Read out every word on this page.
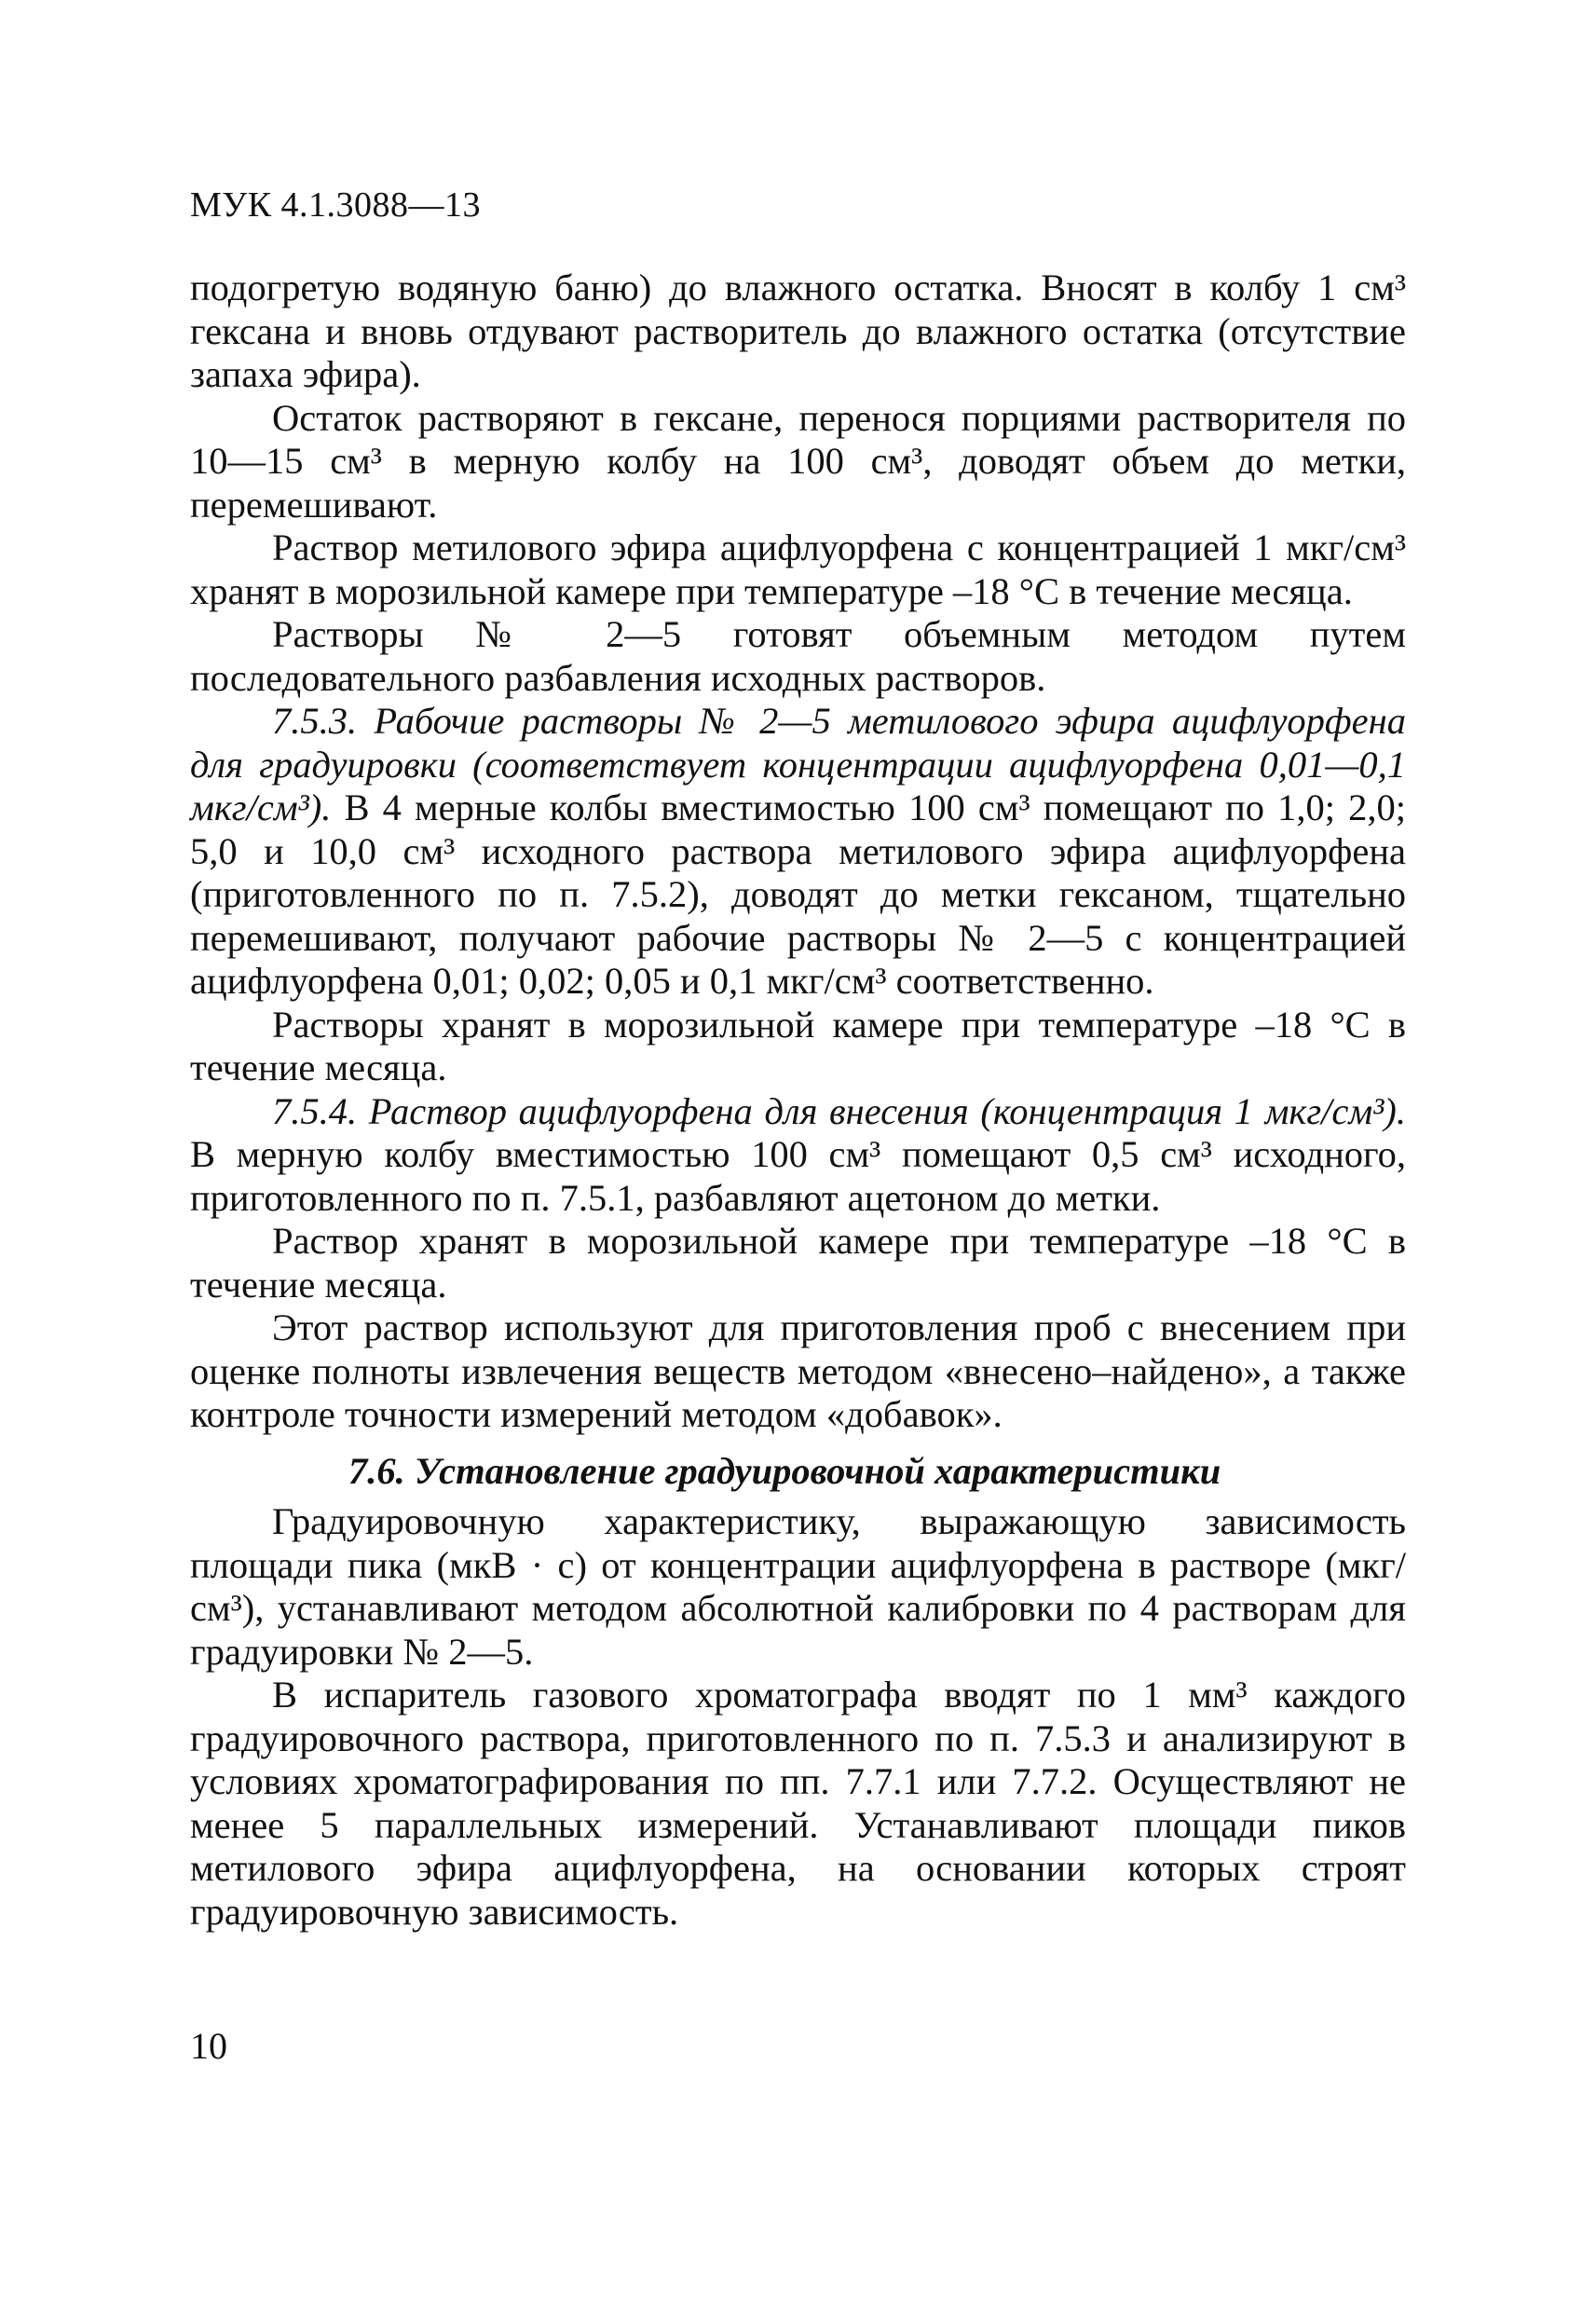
МУК 4.1.3088—13

подогретую водяную баню) до влажного остатка. Вносят в колбу 1 см³ гексана и вновь отдувают растворитель до влажного остатка (отсутствие запаха эфира).

Остаток растворяют в гексане, перенося порциями растворителя по 10—15 см³ в мерную колбу на 100 см³, доводят объем до метки, перемешивают.

Раствор метилового эфира ацифлуорфена с концентрацией 1 мкг/см³ хранят в морозильной камере при температуре –18 °С в течение месяца.

Растворы № 2—5 готовят объемным методом путем последовательного разбавления исходных растворов.

7.5.3. Рабочие растворы № 2—5 метилового эфира ацифлуорфена для градуировки (соответствует концентрации ацифлуорфена 0,01—0,1 мкг/см³). В 4 мерные колбы вместимостью 100 см³ помещают по 1,0; 2,0; 5,0 и 10,0 см³ исходного раствора метилового эфира ацифлуорфена (приготовленного по п. 7.5.2), доводят до метки гексаном, тщательно перемешивают, получают рабочие растворы № 2—5 с концентрацией ацифлуорфена 0,01; 0,02; 0,05 и 0,1 мкг/см³ соответственно.

Растворы хранят в морозильной камере при температуре –18 °С в течение месяца.

7.5.4. Раствор ацифлуорфена для внесения (концентрация 1 мкг/см³). В мерную колбу вместимостью 100 см³ помещают 0,5 см³ исходного, приготовленного по п. 7.5.1, разбавляют ацетоном до метки.

Раствор хранят в морозильной камере при температуре –18 °С в течение месяца.

Этот раствор используют для приготовления проб с внесением при оценке полноты извлечения веществ методом «внесено–найдено», а также контроле точности измерений методом «добавок».

7.6. Установление градуировочной характеристики

Градуировочную характеристику, выражающую зависимость площади пика (мкВ · с) от концентрации ацифлуорфена в растворе (мкг/см³), устанавливают методом абсолютной калибровки по 4 растворам для градуировки № 2—5.

В испаритель газового хроматографа вводят по 1 мм³ каждого градуировочного раствора, приготовленного по п. 7.5.3 и анализируют в условиях хроматографирования по пп. 7.7.1 или 7.7.2. Осуществляют не менее 5 параллельных измерений. Устанавливают площади пиков метилового эфира ацифлуорфена, на основании которых строят градуировочную зависимость.

10
